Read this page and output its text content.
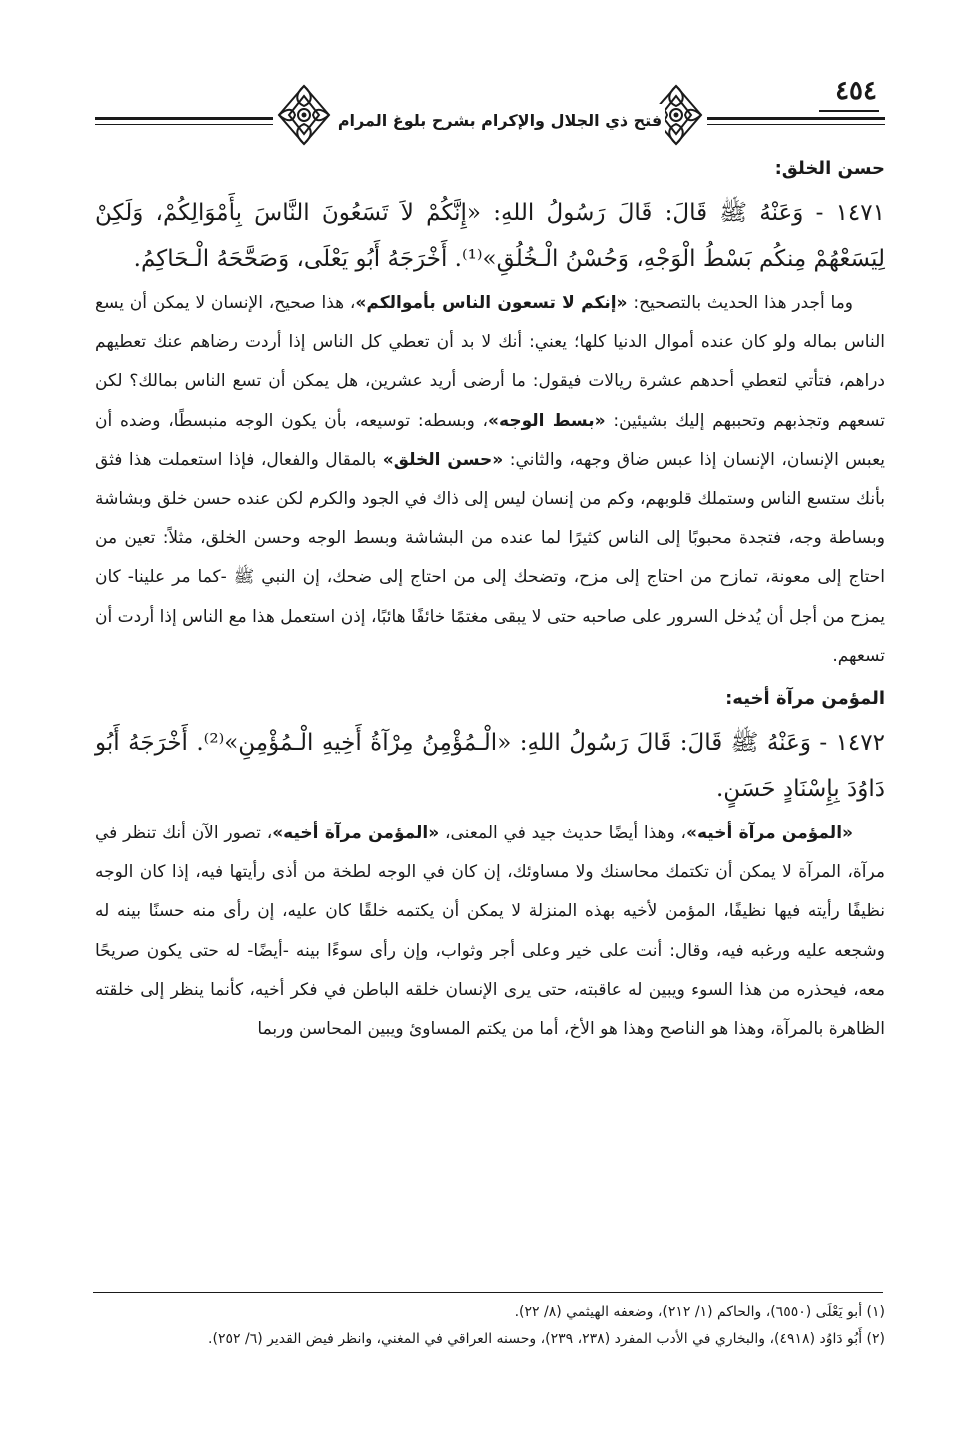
٤٥٤
فتح ذي الجلال والإكرام بشرح بلوغ المرام
حسن الخلق:

١٤٧١ - وَعَنْهُ ﷺ قَالَ: قَالَ رَسُولُ اللهِ: «إِنَّكُمْ لاَ تَسَعُونَ النَّاسَ بِأَمْوَالِكُمْ، وَلَكِنْ لِيَسَعْهُمْ مِنكُم بَسْطُ الْوَجْهِ، وَحُسْنُ الْـخُلُقِ»⁽¹⁾. أَخْرَجَهُ أَبُو يَعْلَى، وَصَحَّحَهُ الْـحَاكِمُ.

وما أجدر هذا الحديث بالتصحيح: «إنكم لا تسعون الناس بأموالكم»، هذا صحيح، الإنسان لا يمكن أن يسع الناس بماله ولو كان عنده أموال الدنيا كلها؛ يعني: أنك لا بد أن تعطي كل الناس إذا أردت رضاهم عنك تعطيهم دراهم، فتأتي لتعطي أحدهم عشرة ريالات فيقول: ما أرضى أريد عشرين، هل يمكن أن تسع الناس بمالك؟ لكن تسعهم وتجذبهم وتحببهم إليك بشيئين: «بسط الوجه»، وبسطه: توسيعه، بأن يكون الوجه منبسطًا، وضده أن يعبس الإنسان، الإنسان إذا عبس ضاق وجهه، والثاني: «حسن الخلق» بالمقال والفعال، فإذا استعملت هذا فثق بأنك ستسع الناس وستملك قلوبهم، وكم من إنسان ليس إلى ذاك في الجود والكرم لكن عنده حسن خلق وبشاشة وبساطة وجه، فتجدة محبوبًا إلى الناس كثيرًا لما عنده من البشاشة وبسط الوجه وحسن الخلق، مثلاً: تعين من احتاج إلى معونة، تمازح من احتاج إلى مزح، وتضحك إلى من احتاج إلى ضحك، إن النبي ﷺ -كما مر علينا- كان يمزح من أجل أن يُدخل السرور على صاحبه حتى لا يبقى مغتمًا خائفًا هائبًا، إذن استعمل هذا مع الناس إذا أردت أن تسعهم.

المؤمن مرآة أخيه:

١٤٧٢ - وَعَنْهُ ﷺ قَالَ: قَالَ رَسُولُ اللهِ: «الْـمُؤْمِنُ مِرْآةُ أَخِيهِ الْـمُؤْمِنِ»⁽²⁾. أَخْرَجَهُ أَبُو دَاوُدَ بِإِسْنَادٍ حَسَنٍ.

«المؤمن مرآة أخيه»، وهذا أيضًا حديث جيد في المعنى، «المؤمن مرآة أخيه»، تصور الآن أنك تنظر في مرآة، المرآة لا يمكن أن تكتمك محاسنك ولا مساوئك، إن كان في الوجه لطخة من أذى رأيتها فيه، إذا كان الوجه نظيفًا رأيته فيها نظيفًا، المؤمن لأخيه بهذه المنزلة لا يمكن أن يكتمه خلقًا كان عليه، إن رأى منه حسنًا بينه له وشجعه عليه ورغبه فيه، وقال: أنت على خير وعلى أجر وثواب، وإن رأى سوءًا بينه -أيضًا- له حتى يكون صريحًا معه، فيحذره من هذا السوء ويبين له عاقبته، حتى يرى الإنسان خلقه الباطن في فكر أخيه، كأنما ينظر إلى خلقته الظاهرة بالمرآة، وهذا هو الناصح وهذا هو الأخ، أما من يكتم المساوئ ويبين المحاسن وربما

(١) أبو يَعْلَى (٦٥٥٠)، والحاكم (١/ ٢١٢)، وضعفه الهيثمي (٨/ ٢٢).

(٢) أَبُو دَاوُد (٤٩١٨)، والبخاري في الأدب المفرد (٢٣٨، ٢٣٩)، وحسنه العراقي في المغني، وانظر فيض القدير (٦/ ٢٥٢).
